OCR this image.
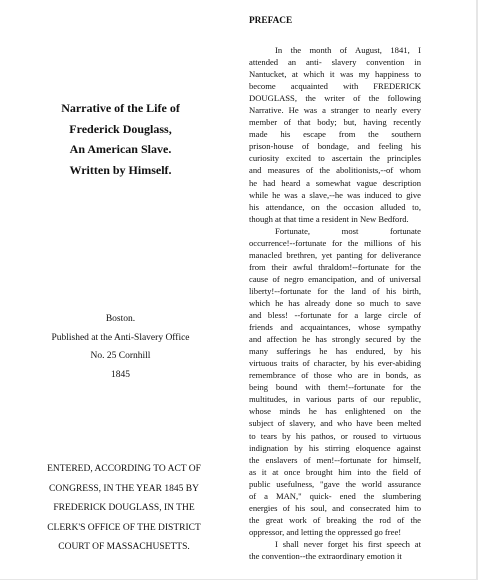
Narrative of the Life of
Frederick Douglass,
An American Slave.
Written by Himself.
Boston.
Published at the Anti-Slavery Office
No. 25 Cornhill
1845
ENTERED, ACCORDING TO ACT OF
CONGRESS, IN THE YEAR 1845 BY
FREDERICK DOUGLASS, IN THE
CLERK'S OFFICE OF THE DISTRICT
COURT OF MASSACHUSETTS.
PREFACE
In the month of August, 1841, I
attended an anti- slavery convention in
Nantucket, at which it was my happiness to
become acquainted with FREDERICK
DOUGLASS, the writer of the following
Narrative. He was a stranger to nearly every
member of that body; but, having recently
made his escape from the southern
prison-house of bondage, and feeling his
curiosity excited to ascertain the principles
and measures of the abolitionists,--of whom
he had heard a somewhat vague description
while he was a slave,--he was induced to give
his attendance, on the occasion alluded to,
though at that time a resident in New Bedford.
Fortunate, most fortunate
occurrence!--fortunate for the millions of his
manacled brethren, yet panting for deliverance
from their awful thraldom!--fortunate for the
cause of negro emancipation, and of universal
liberty!--fortunate for the land of his birth,
which he has already done so much to save
and bless! --fortunate for a large circle of
friends and acquaintances, whose sympathy
and affection he has strongly secured by the
many sufferings he has endured, by his
virtuous traits of character, by his ever-abiding
remembrance of those who are in bonds, as
being bound with them!--fortunate for the
multitudes, in various parts of our republic,
whose minds he has enlightened on the
subject of slavery, and who have been melted
to tears by his pathos, or roused to virtuous
indignation by his stirring eloquence against
the enslavers of men!--fortunate for himself,
as it at once brought him into the field of
public usefulness, "gave the world assurance
of a MAN," quick- ened the slumbering
energies of his soul, and consecrated him to
the great work of breaking the rod of the
oppressor, and letting the oppressed go free!
I shall never forget his first speech at
the convention--the extraordinary emotion it
